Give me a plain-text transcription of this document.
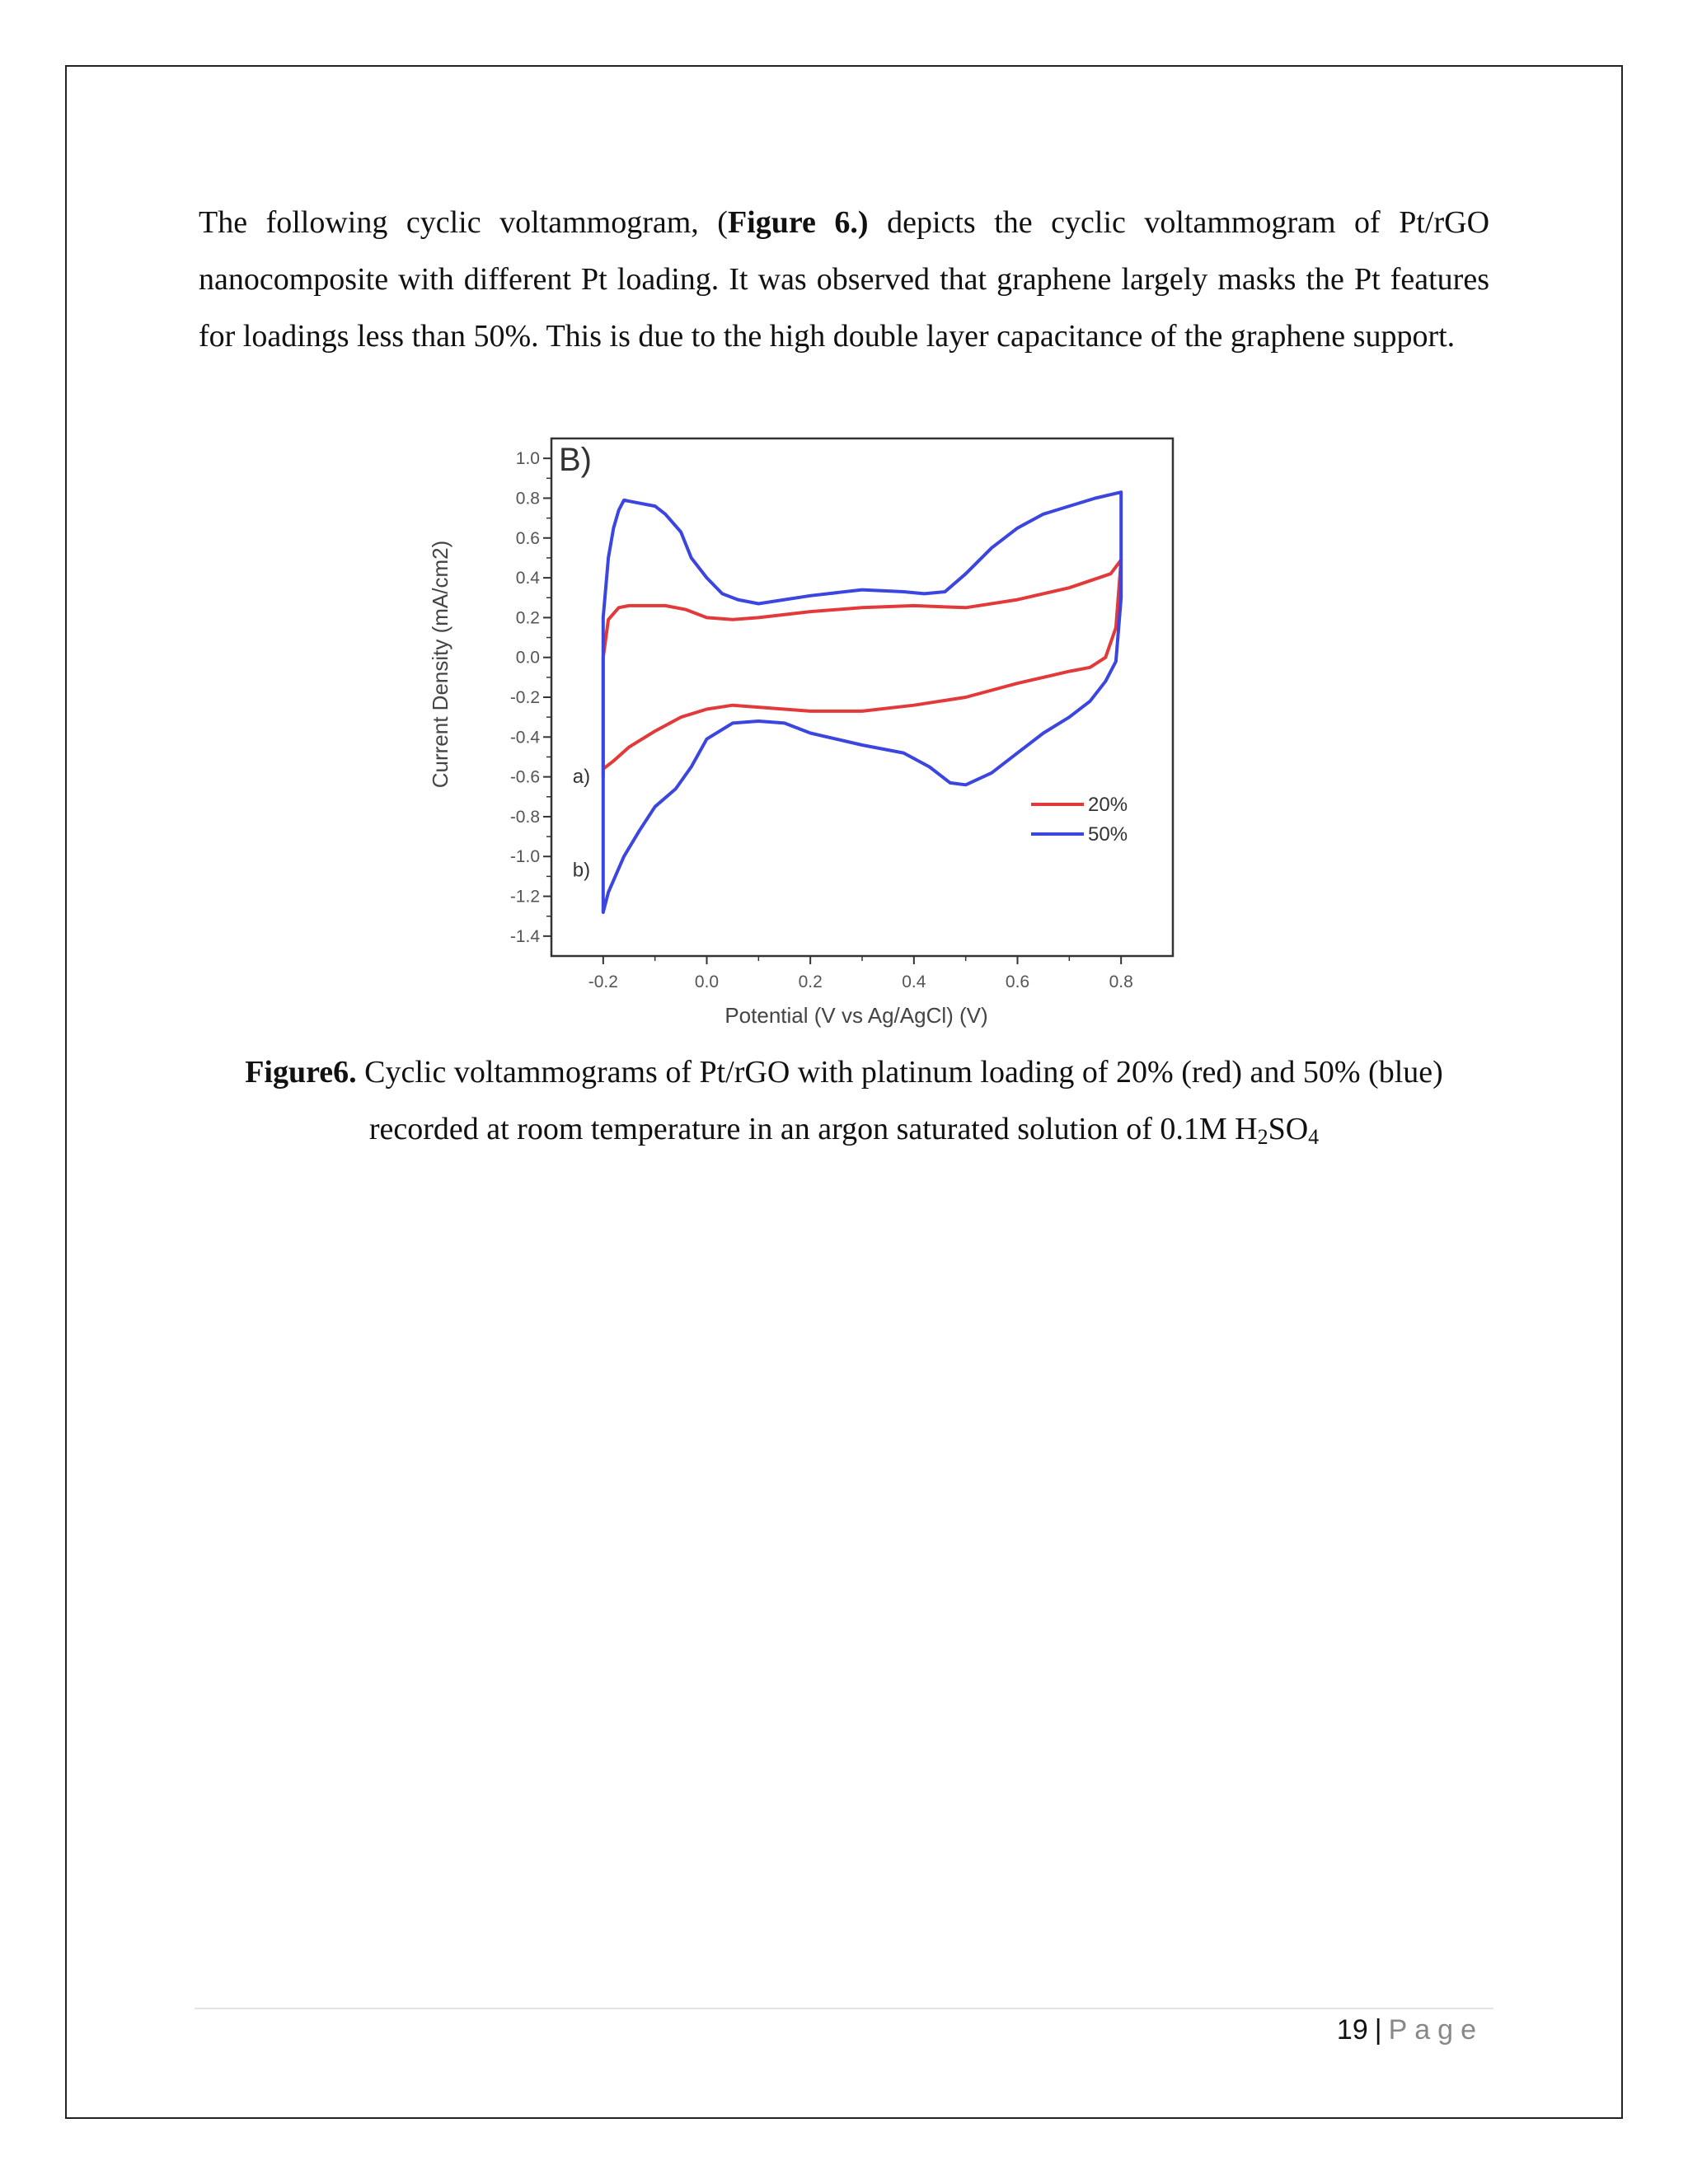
The following cyclic voltammogram, (Figure 6.) depicts the cyclic voltammogram of Pt/rGO nanocomposite with different Pt loading. It was observed that graphene largely masks the Pt features for loadings less than 50%. This is due to the high double layer capacitance of the graphene support.

-0.2	0.0	0.2	0.4	0.6	0.8
1.0
0.8
0.6
0.4
0.2
0.0
-0.2
-0.4
-0.6
-0.8
-1.0
-1.2
-1.4
B)
Current Density (mA/cm2)
Potential (V vs Ag/AgCl) (V)
a)
b)
20%
50%
Figure6. Cyclic voltammograms of Pt/rGO with platinum loading of 20% (red) and 50% (blue)
recorded at room temperature in an argon saturated solution of 0.1M $H_2SO_4$
19 | Page
